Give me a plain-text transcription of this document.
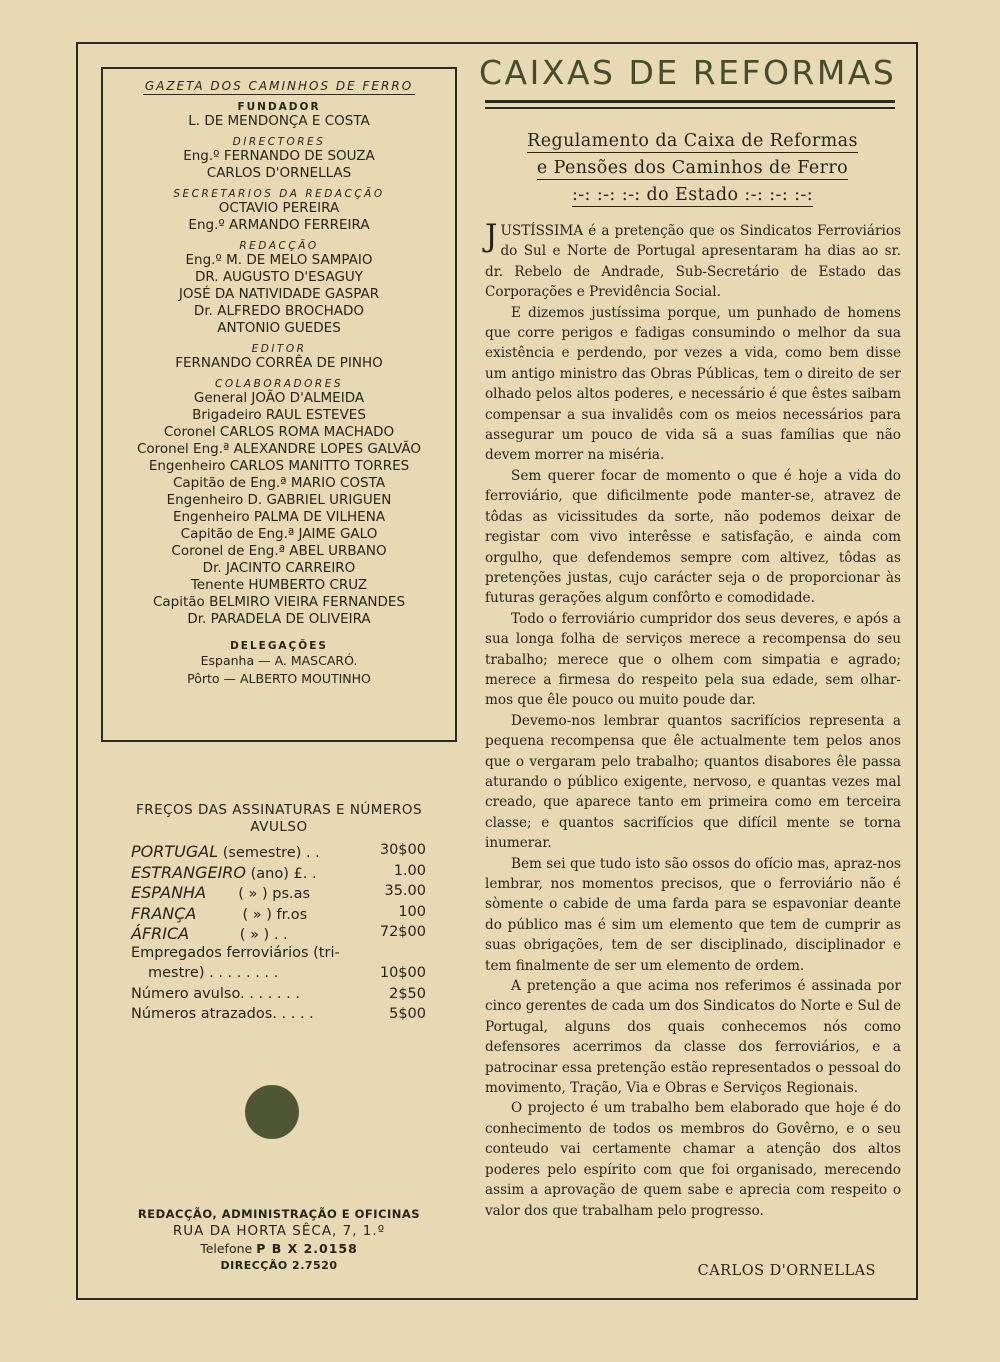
GAZETA DOS CAMINHOS DE FERRO
FUNDADOR
L. DE MENDONÇA E COSTA
DIRECTORES
Eng.º FERNANDO DE SOUZA
CARLOS D'ORNELLAS
SECRETARIOS DA REDACÇÃO
OCTAVIO PEREIRA
Eng.º ARMANDO FERREIRA
REDACÇÃO
Eng.º M. DE MELO SAMPAIO
DR. AUGUSTO D'ESAGUY
JOSÉ DA NATIVIDADE GASPAR
Dr. ALFREDO BROCHADO
ANTONIO GUEDES
EDITOR
FERNANDO CORRÊA DE PINHO
COLABORADORES
General JOÃO D'ALMEIDA
Brigadeiro RAUL ESTEVES
Coronel CARLOS ROMA MACHADO
Coronel Eng.ª ALEXANDRE LOPES GALVÃO
Engenheiro CARLOS MANITTO TORRES
Capitão de Eng.ª MARIO COSTA
Engenheiro D. GABRIEL URIGUEN
Engenheiro PALMA DE VILHENA
Capitão de Eng.ª JAIME GALO
Coronel de Eng.ª ABEL URBANO
Dr. JACINTO CARREIRO
Tenente HUMBERTO CRUZ
Capitão BELMIRO VIEIRA FERNANDES
Dr. PARADELA DE OLIVEIRA
DELEGAÇÕES
Espanha — A. MASCARÓ.
Pôrto — ALBERTO MOUTINHO
FREÇOS DAS ASSINATURAS E NÚMEROS
AVULSO
PORTUGAL (semestre) . .	30$00
ESTRANGEIRO (ano) £. .	1.00
ESPANHA       ( » ) ps.as	35.00
FRANÇA          ( » ) fr.os	100
ÁFRICA           ( » ) . .	72$00
Empregados ferroviários (tri-
mestre) . . . . . . . .	10$00
Número avulso. . . . . . .	2$50
Números atrazados. . . . .	5$00
REDACÇÃO, ADMINISTRAÇÃO E OFICINAS
RUA DA HORTA SÊCA, 7, 1.º
Telefone P B X 2.0158
DIRECÇÃO 2.7520
CAIXAS DE REFORMAS
Regulamento da Caixa de Reformas
e Pensões dos Caminhos de Ferro
:-: :-: :-: do Estado :-: :-: :-:

JUSTÍSSIMA é a pretenção que os Sindicatos Ferroviários do Sul e Norte de Portugal apresentaram ha dias ao sr. dr. Rebelo de Andrade, Sub-Secretário de Estado das Corporações e Previdência Social.

E dizemos justíssima porque, um punhado de homens que corre perigos e fadigas consumindo o melhor da sua existência e perdendo, por vezes a vida, como bem disse um antigo ministro das Obras Públicas, tem o direito de ser olhado pelos altos poderes, e necessário é que êstes saibam compensar a sua invalidês com os meios necessários para assegurar um pouco de vida sã a suas famílias que não devem morrer na miséria.

Sem querer focar de momento o que é hoje a vida do ferroviário, que dificilmente pode manter-se, atravez de tôdas as vicissitudes da sorte, não podemos deixar de registar com vivo interêsse e satisfação, e ainda com orgulho, que defendemos sempre com altivez, tôdas as pretenções justas, cujo carácter seja o de proporcionar às futuras gerações algum confôrto e comodidade.

Todo o ferroviário cumpridor dos seus deveres, e após a sua longa folha de serviços merece a recompensa do seu trabalho; merece que o olhem com simpatia e agrado; merece a firmesa do respeito pela sua edade, sem olhar-mos que êle pouco ou muito poude dar.

Devemo-nos lembrar quantos sacrifícios representa a pequena recompensa que êle actualmente tem pelos anos que o vergaram pelo trabalho; quantos disabores êle passa aturando o público exigente, nervoso, e quantas vezes mal creado, que aparece tanto em primeira como em terceira classe; e quantos sacrifícios que difícil mente se torna inumerar.

Bem sei que tudo isto são ossos do ofício mas, apraz-nos lembrar, nos momentos precisos, que o ferroviário não é sòmente o cabide de uma farda para se espavoniar deante do público mas é sim um elemento que tem de cumprir as suas obrigações, tem de ser disciplinado, disciplinador e tem finalmente de ser um elemento de ordem.

A pretenção a que acima nos referimos é assinada por cinco gerentes de cada um dos Sindicatos do Norte e Sul de Portugal, alguns dos quais conhecemos nós como defensores acerrimos da classe dos ferroviários, e a patrocinar essa pretenção estão representados o pessoal do movimento, Tração, Via e Obras e Serviços Regionais.

O projecto é um trabalho bem elaborado que hoje é do conhecimento de todos os membros do Govêrno, e o seu conteudo vai certamente chamar a atenção dos altos poderes pelo espírito com que foi organisado, merecendo assim a aprovação de quem sabe e aprecia com respeito o valor dos que trabalham pelo progresso.

CARLOS D'ORNELLAS
